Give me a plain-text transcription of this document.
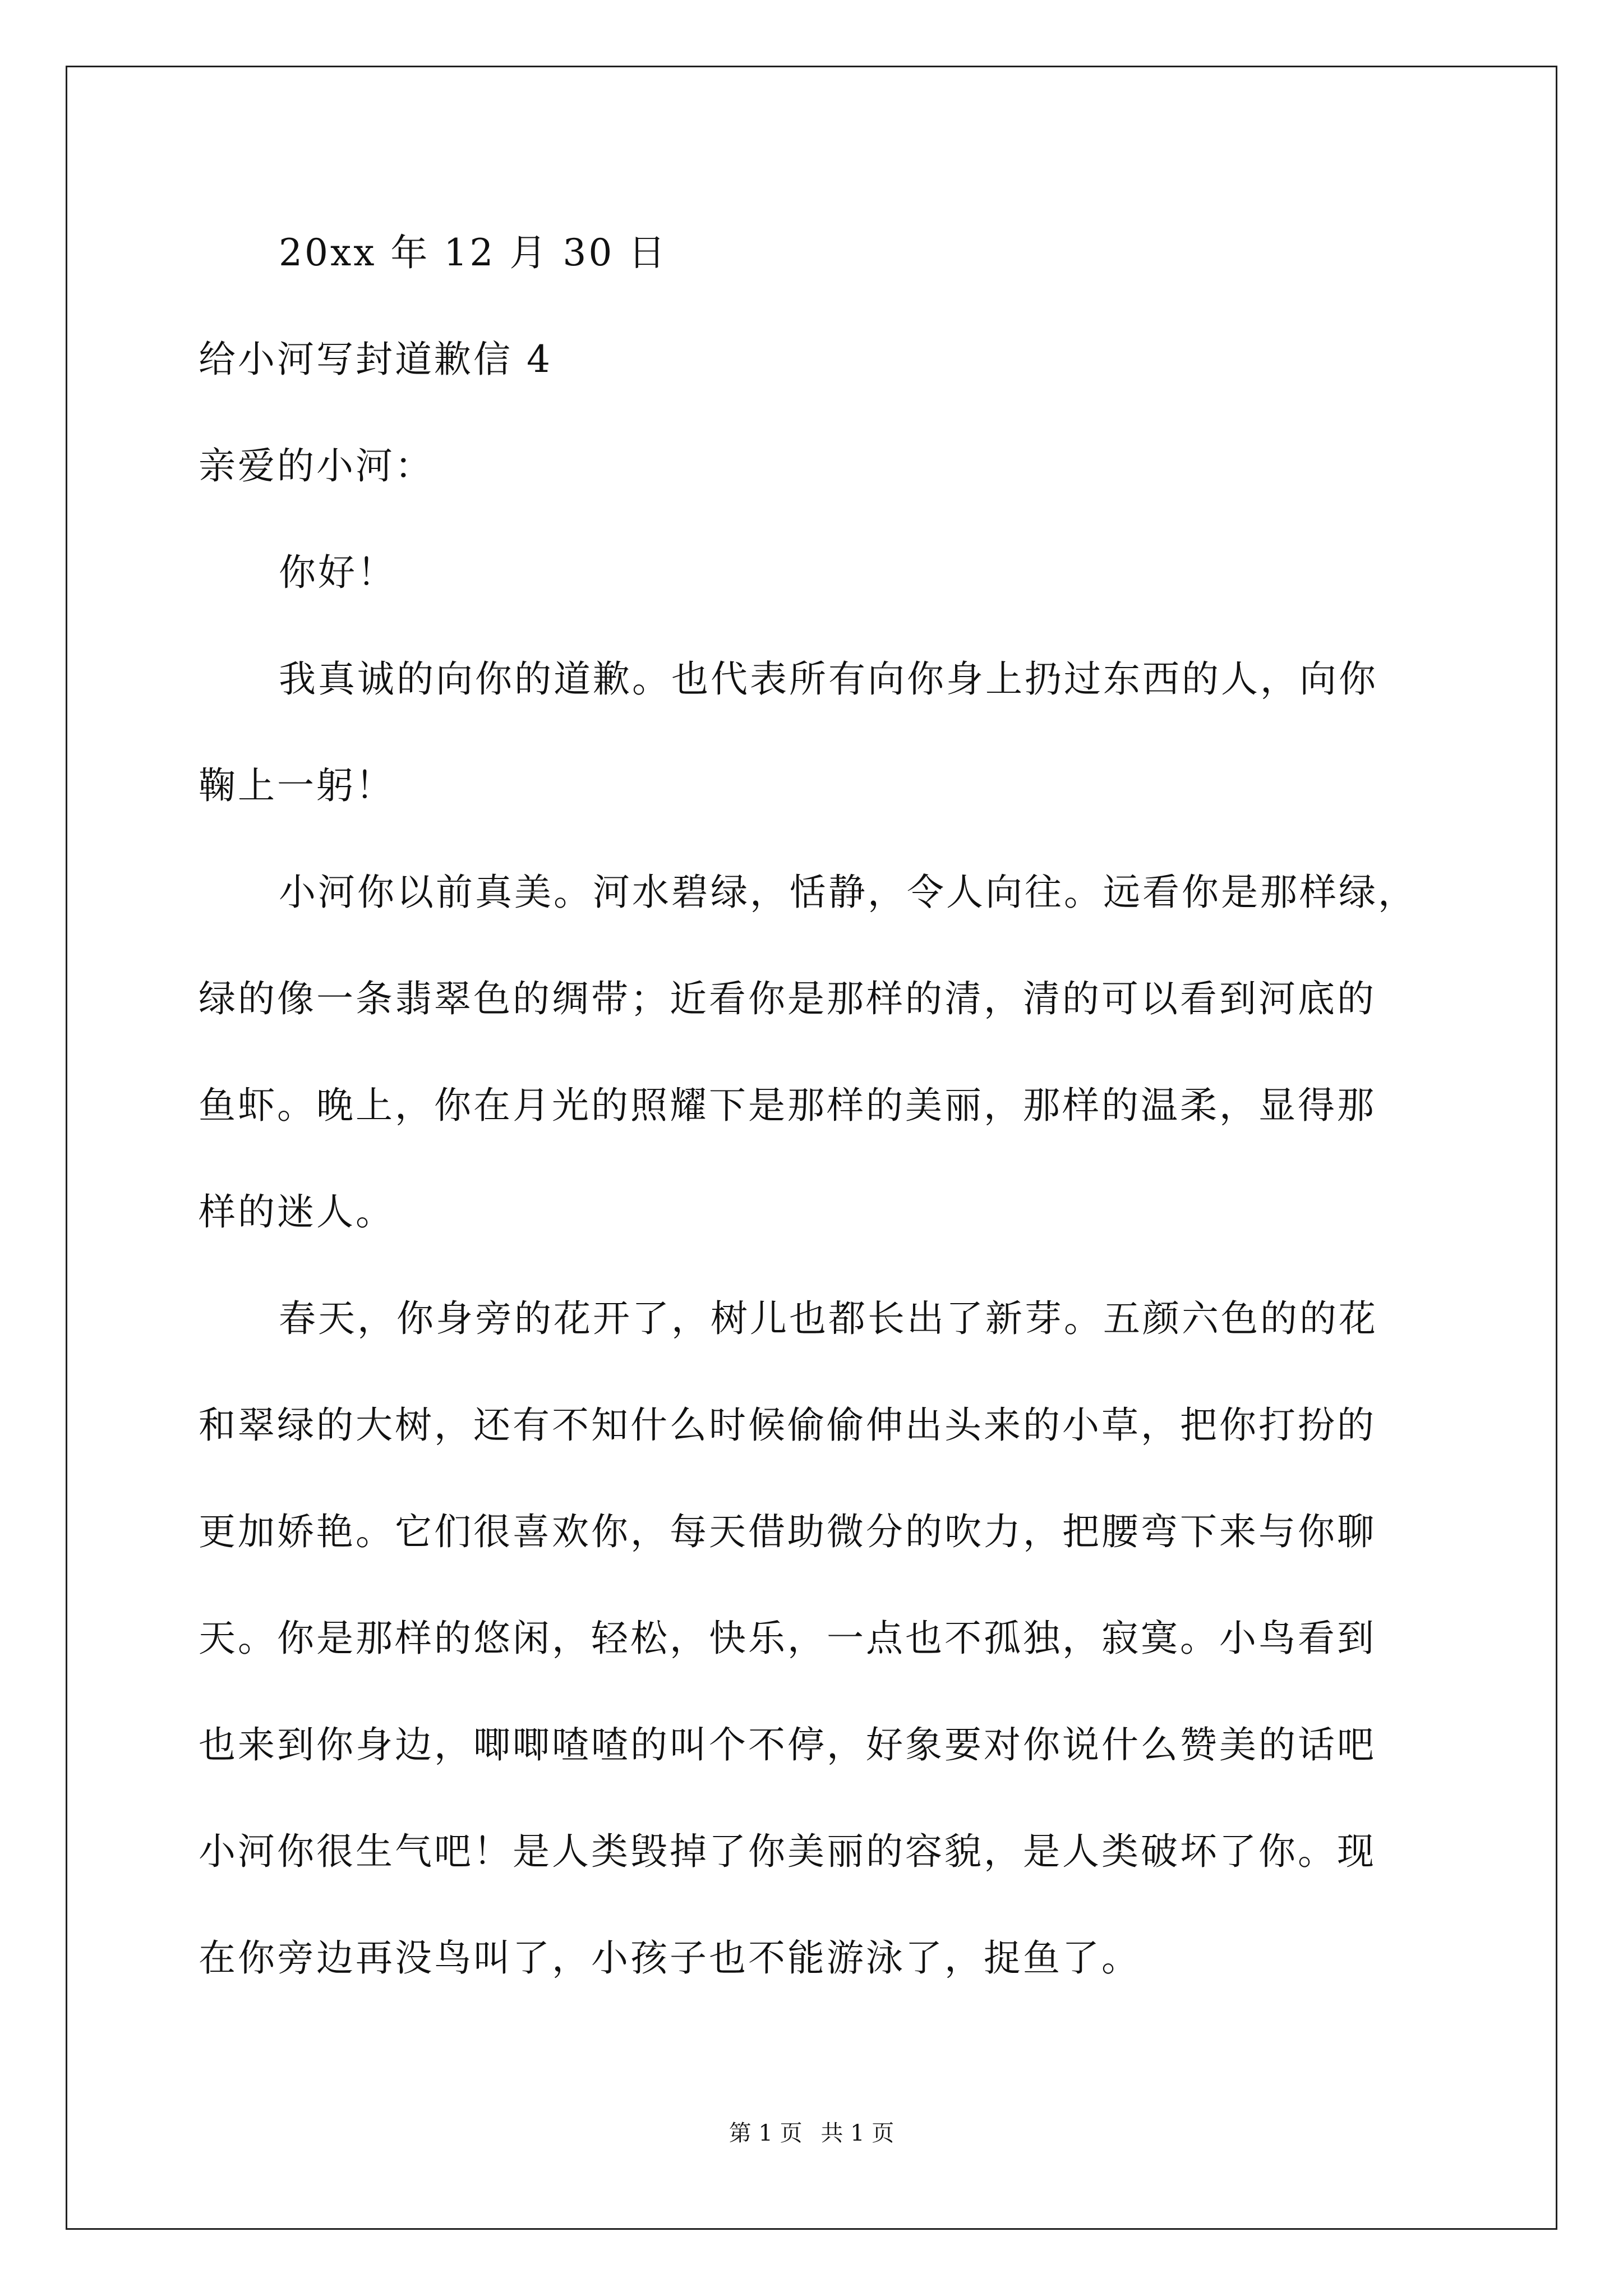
20xx 年 12 月 30 日
给小河写封道歉信 4
亲爱的小河：
你好！
我真诚的向你的道歉。也代表所有向你身上扔过东西的人，向你
鞠上一躬！
小河你以前真美。河水碧绿，恬静，令人向往。远看你是那样绿，
绿的像一条翡翠色的绸带；近看你是那样的清，清的可以看到河底的
鱼虾。晚上，你在月光的照耀下是那样的美丽，那样的温柔，显得那
样的迷人。
春天，你身旁的花开了，树儿也都长出了新芽。五颜六色的的花
和翠绿的大树，还有不知什么时候偷偷伸出头来的小草，把你打扮的
更加娇艳。它们很喜欢你，每天借助微分的吹力，把腰弯下来与你聊
天。你是那样的悠闲，轻松，快乐，一点也不孤独，寂寞。小鸟看到
也来到你身边，唧唧喳喳的叫个不停，好象要对你说什么赞美的话吧
小河你很生气吧！是人类毁掉了你美丽的容貌，是人类破坏了你。现
在你旁边再没鸟叫了，小孩子也不能游泳了，捉鱼了。
第 1 页 共 1 页
